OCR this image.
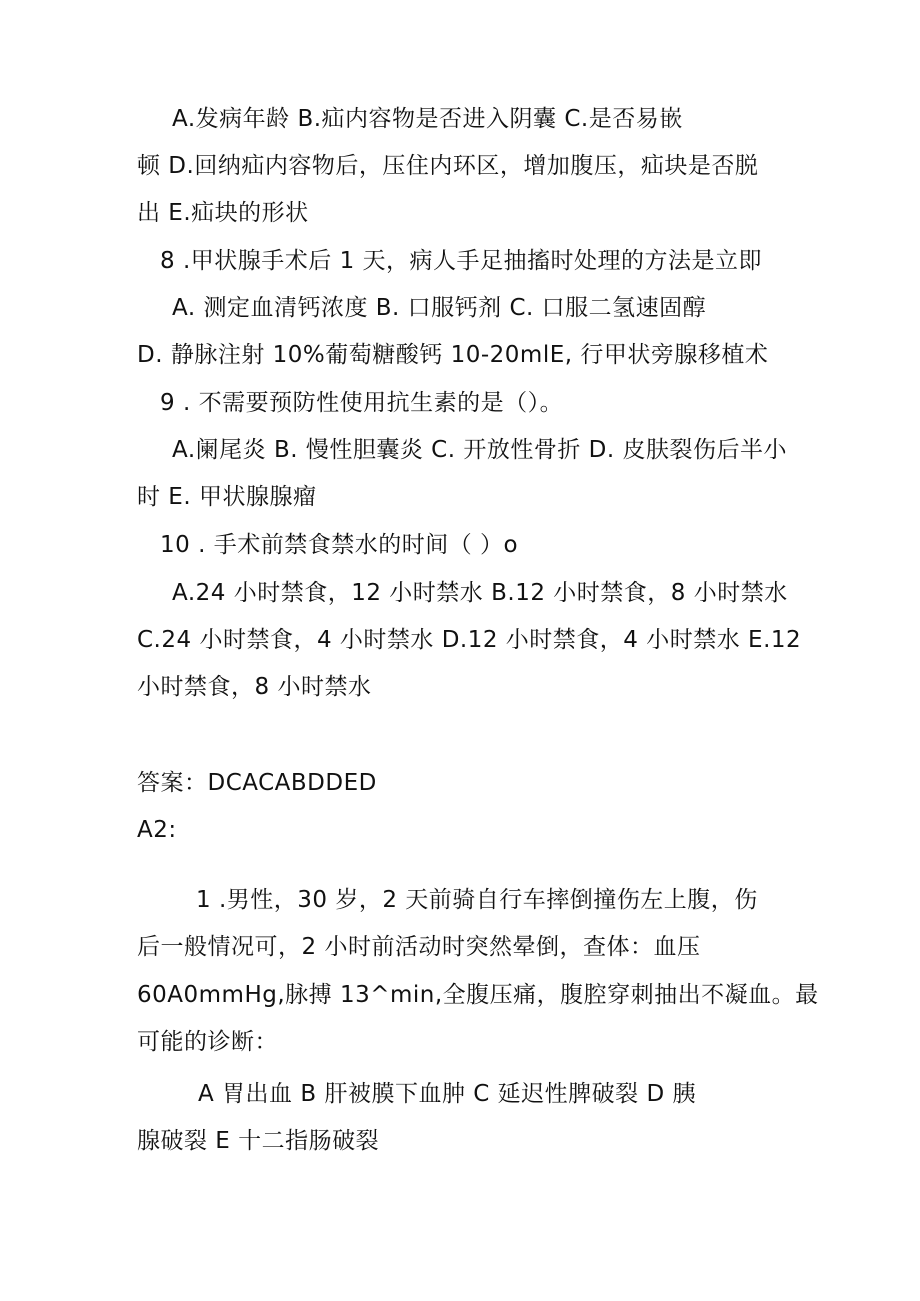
A.发病年龄 B.疝内容物是否进入阴囊 C.是否易嵌
顿 D.回纳疝内容物后，压住内环区，增加腹压，疝块是否脱
出 E.疝块的形状
8 .甲状腺手术后 1 天，病人手足抽搐时处理的方法是立即
A. 测定血清钙浓度 B. 口服钙剂 C. 口服二氢速固醇
D. 静脉注射 10%葡萄糖酸钙 10-20mlE, 行甲状旁腺移植术
9 . 不需要预防性使用抗生素的是（）。
A.阑尾炎 B. 慢性胆囊炎 C. 开放性骨折 D. 皮肤裂伤后半小
时 E. 甲状腺腺瘤
10 . 手术前禁食禁水的时间（ ）o
A.24 小时禁食，12 小时禁水 B.12 小时禁食，8 小时禁水
C.24 小时禁食，4 小时禁水 D.12 小时禁食，4 小时禁水 E.12
小时禁食，8 小时禁水
答案：DCACABDDED
A2:
1 .男性，30 岁，2 天前骑自行车摔倒撞伤左上腹，伤
后一般情况可，2 小时前活动时突然晕倒，查体：血压
60A0mmHg,脉搏 13^min,全腹压痛，腹腔穿刺抽出不凝血。最
可能的诊断：
A 胃出血 B 肝被膜下血肿 C 延迟性脾破裂 D 胰
腺破裂 E 十二指肠破裂
